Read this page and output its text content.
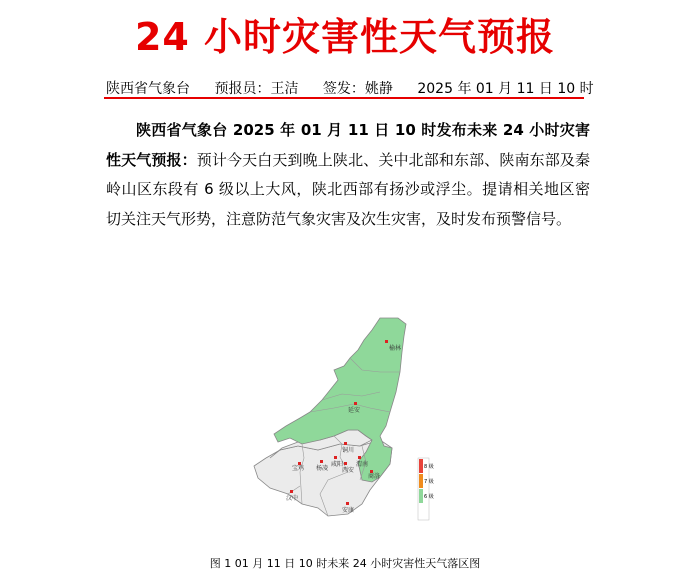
24 小时灾害性天气预报
陕西省气象台 预报员：王洁 签发：姚静 2025 年 01 月 11 日 10 时

陕西省气象台 2025 年 01 月 11 日 10 时发布未来 24 小时灾害性天气预报：预计今天白天到晚上陕北、关中北部和东部、陕南东部及秦岭山区东段有 6 级以上大风，陕北西部有扬沙或浮尘。提请相关地区密切关注天气形势，注意防范气象灾害及次生灾害，及时发布预警信号。

榆林
延安
铜川
宝鸡 杨凌
咸阳
西安
渭南
商洛
汉中
安康
8 级
7 级
6 级
图 1 01 月 11 日 10 时未来 24 小时灾害性天气落区图
